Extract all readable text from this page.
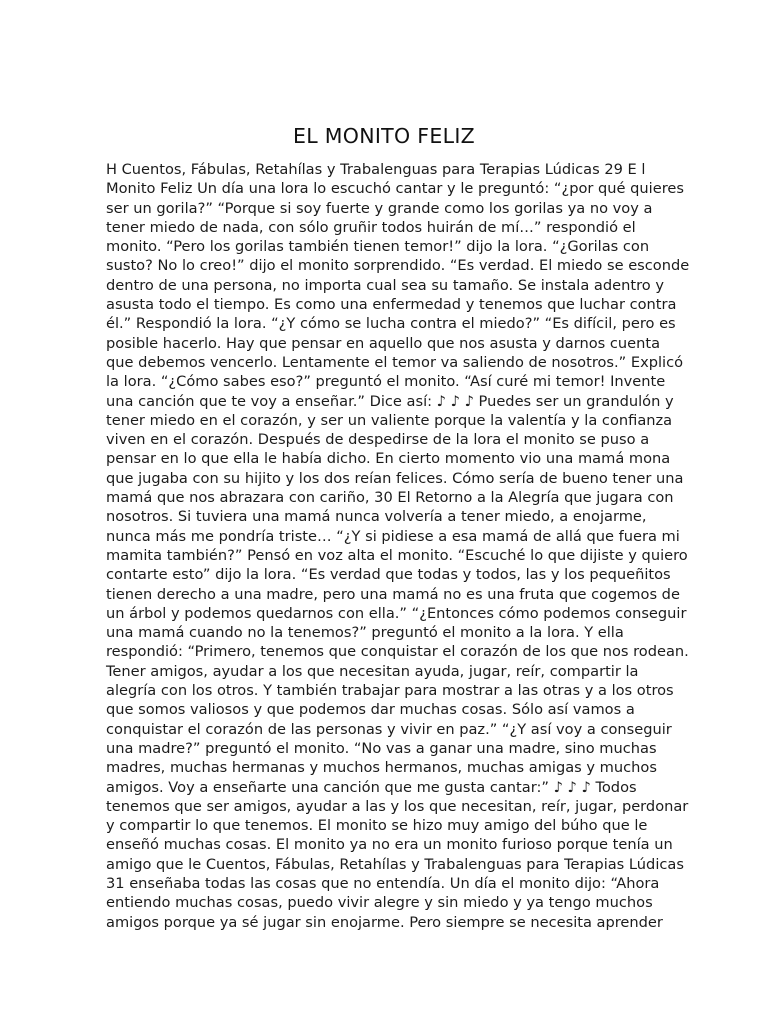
EL MONITO FELIZ
H Cuentos, Fábulas, Retahílas y Trabalenguas para Terapias Lúdicas 29 E l
Monito Feliz Un día una lora lo escuchó cantar y le preguntó: “¿por qué quieres
ser un gorila?” “Porque si soy fuerte y grande como los gorilas ya no voy a
tener miedo de nada, con sólo gruñir todos huirán de mí…” respondió el
monito. “Pero los gorilas también tienen temor!” dijo la lora. “¿Gorilas con
susto? No lo creo!” dijo el monito sorprendido. “Es verdad. El miedo se esconde
dentro de una persona, no importa cual sea su tamaño. Se instala adentro y
asusta todo el tiempo. Es como una enfermedad y tenemos que luchar contra
él.” Respondió la lora. “¿Y cómo se lucha contra el miedo?” “Es difícil, pero es
posible hacerlo. Hay que pensar en aquello que nos asusta y darnos cuenta
que debemos vencerlo. Lentamente el temor va saliendo de nosotros.” Explicó
la lora. “¿Cómo sabes eso?” preguntó el monito. “Así curé mi temor! Invente
una canción que te voy a enseñar.” Dice así: ♪ ♪ ♪ Puedes ser un grandulón y
tener miedo en el corazón, y ser un valiente porque la valentía y la confianza
viven en el corazón. Después de despedirse de la lora el monito se puso a
pensar en lo que ella le había dicho. En cierto momento vio una mamá mona
que jugaba con su hijito y los dos reían felices. Cómo sería de bueno tener una
mamá que nos abrazara con cariño, 30 El Retorno a la Alegría que jugara con
nosotros. Si tuviera una mamá nunca volvería a tener miedo, a enojarme,
nunca más me pondría triste… “¿Y si pidiese a esa mamá de allá que fuera mi
mamita también?” Pensó en voz alta el monito. “Escuché lo que dijiste y quiero
contarte esto” dijo la lora. “Es verdad que todas y todos, las y los pequeñitos
tienen derecho a una madre, pero una mamá no es una fruta que cogemos de
un árbol y podemos quedarnos con ella.” “¿Entonces cómo podemos conseguir
una mamá cuando no la tenemos?” preguntó el monito a la lora. Y ella
respondió: “Primero, tenemos que conquistar el corazón de los que nos rodean.
Tener amigos, ayudar a los que necesitan ayuda, jugar, reír, compartir la
alegría con los otros. Y también trabajar para mostrar a las otras y a los otros
que somos valiosos y que podemos dar muchas cosas. Sólo así vamos a
conquistar el corazón de las personas y vivir en paz.” “¿Y así voy a conseguir
una madre?” preguntó el monito. “No vas a ganar una madre, sino muchas
madres, muchas hermanas y muchos hermanos, muchas amigas y muchos
amigos. Voy a enseñarte una canción que me gusta cantar:” ♪ ♪ ♪ Todos
tenemos que ser amigos, ayudar a las y los que necesitan, reír, jugar, perdonar
y compartir lo que tenemos. El monito se hizo muy amigo del búho que le
enseñó muchas cosas. El monito ya no era un monito furioso porque tenía un
amigo que le Cuentos, Fábulas, Retahílas y Trabalenguas para Terapias Lúdicas
31 enseñaba todas las cosas que no entendía. Un día el monito dijo: “Ahora
entiendo muchas cosas, puedo vivir alegre y sin miedo y ya tengo muchos
amigos porque ya sé jugar sin enojarme. Pero siempre se necesita aprender
